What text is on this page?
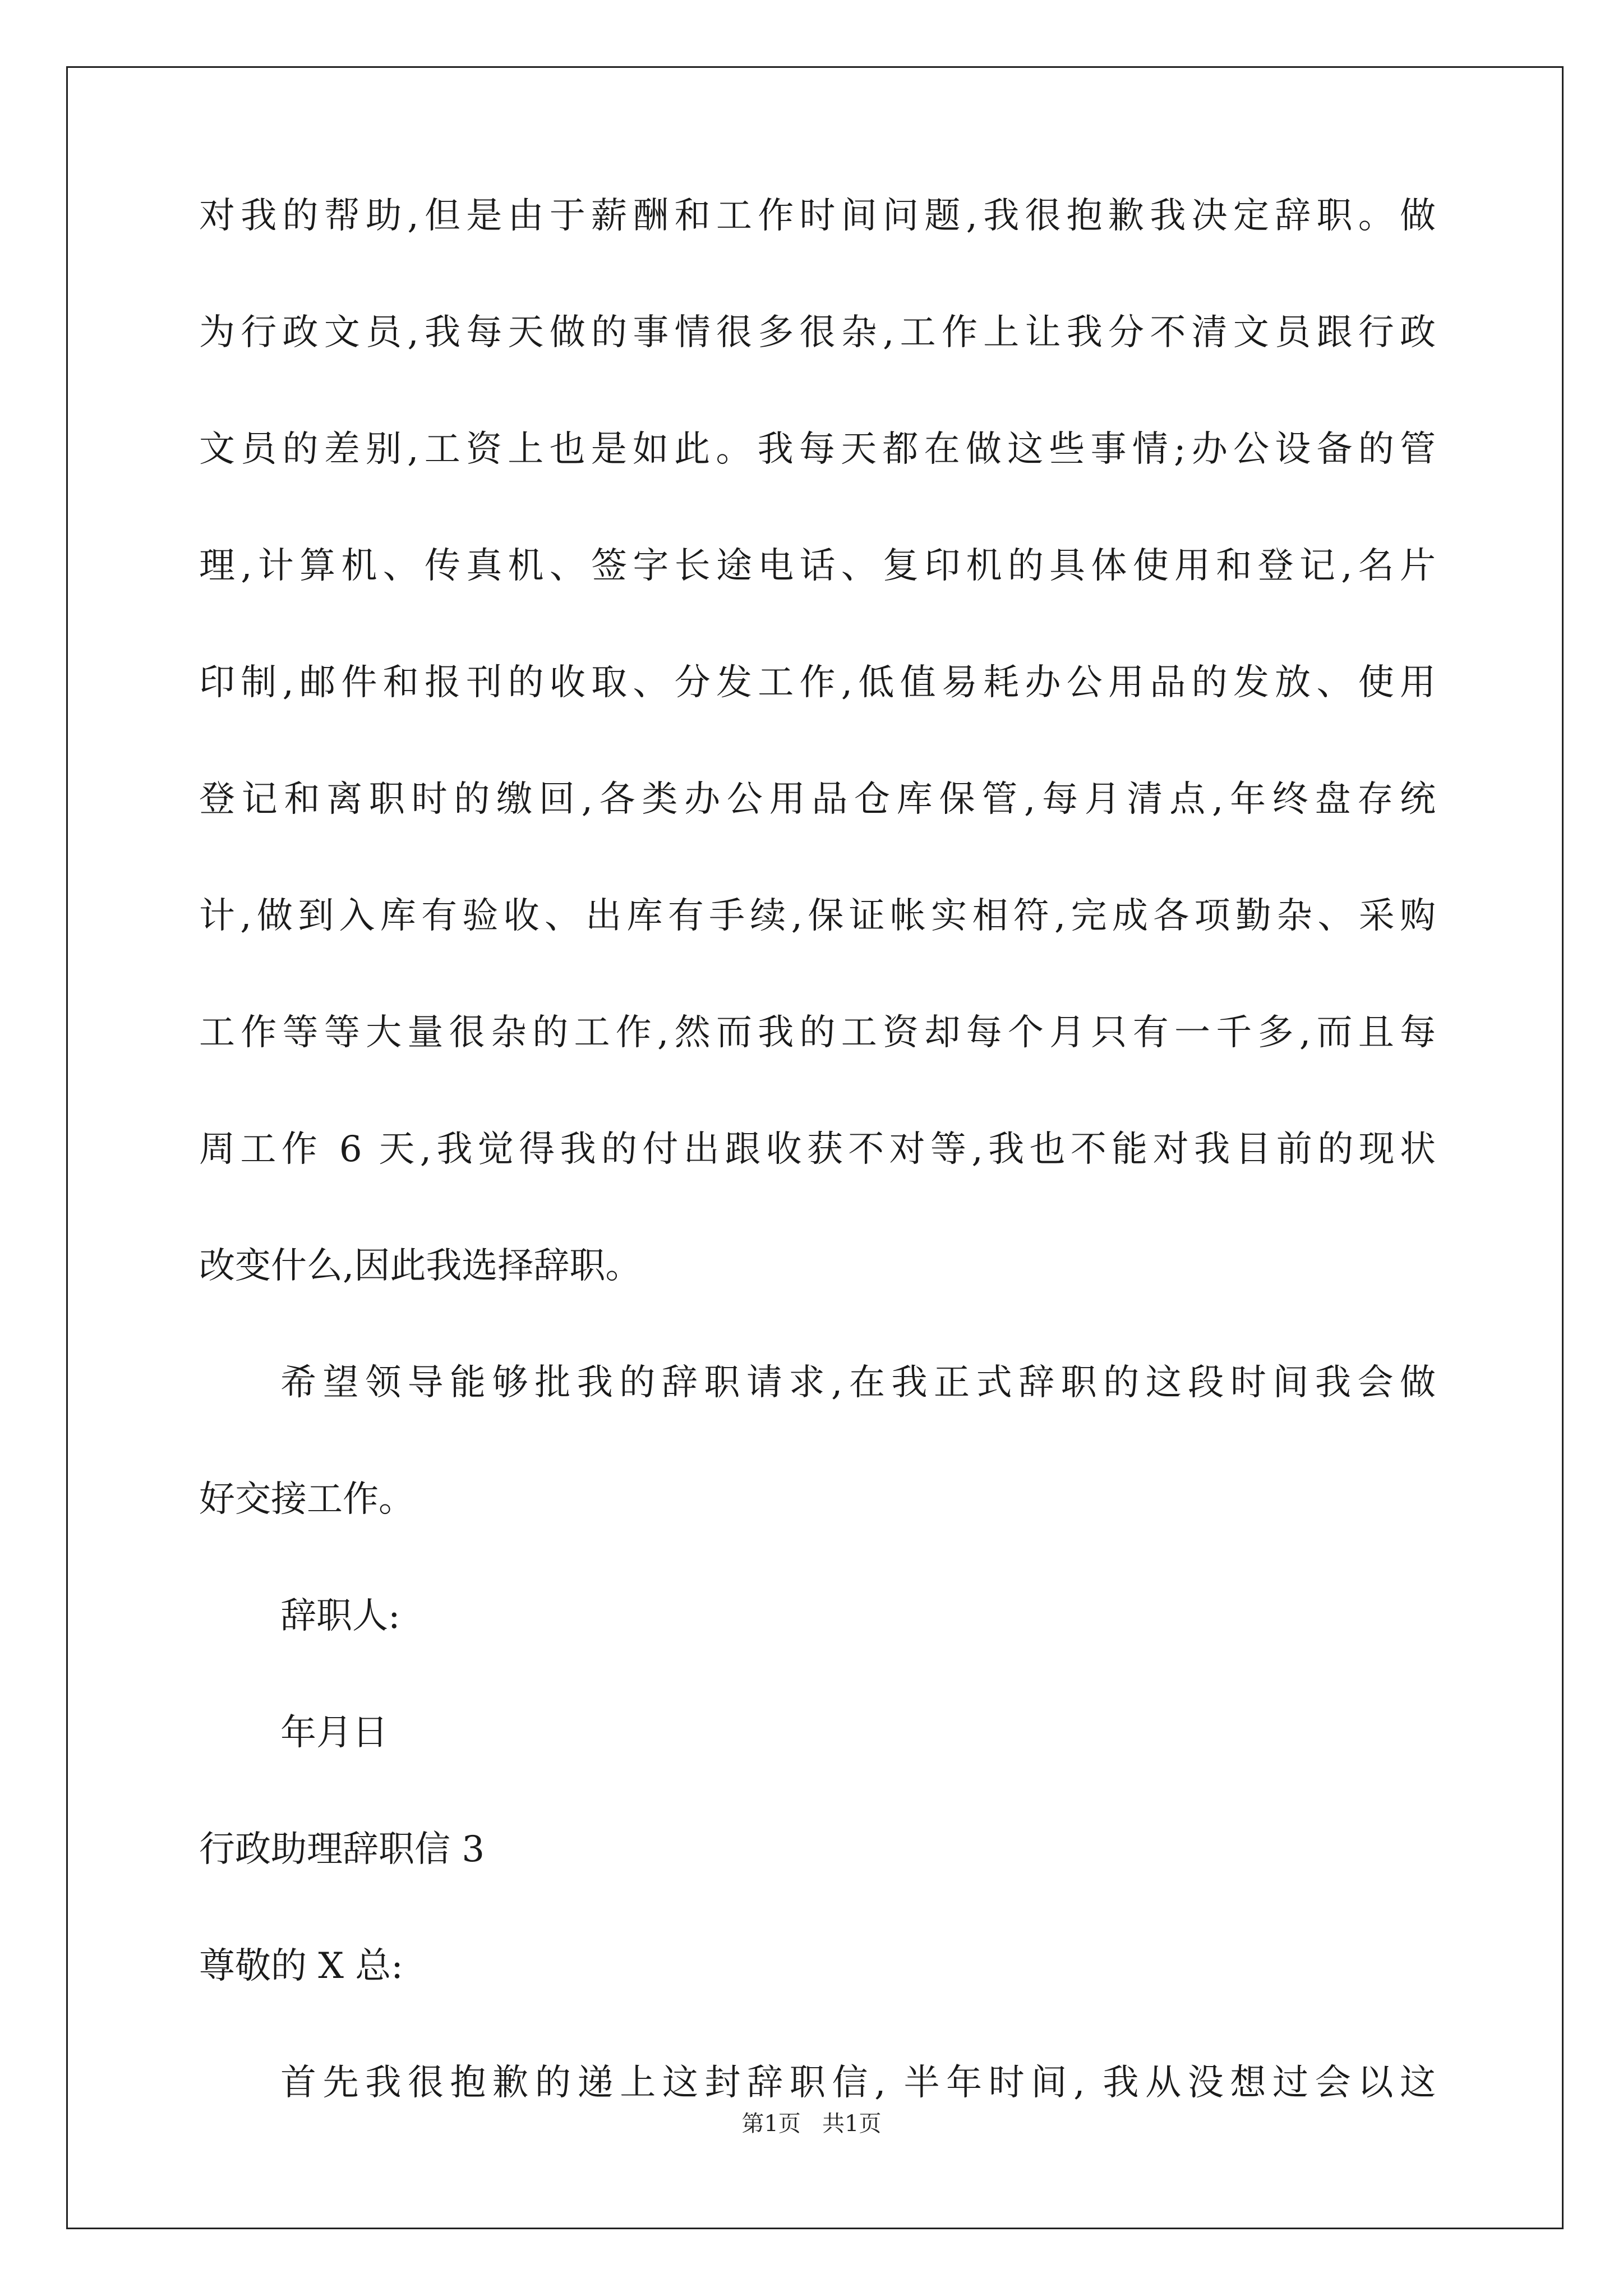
对我的帮助,但是由于薪酬和工作时间问题,我很抱歉我决定辞职。做
为行政文员,我每天做的事情很多很杂,工作上让我分不清文员跟行政
文员的差别,工资上也是如此。我每天都在做这些事情;办公设备的管
理,计算机、传真机、签字长途电话、复印机的具体使用和登记,名片
印制,邮件和报刊的收取、分发工作,低值易耗办公用品的发放、使用
登记和离职时的缴回,各类办公用品仓库保管,每月清点,年终盘存统
计,做到入库有验收、出库有手续,保证帐实相符,完成各项勤杂、采购
工作等等大量很杂的工作,然而我的工资却每个月只有一千多,而且每
周工作 6 天,我觉得我的付出跟收获不对等,我也不能对我目前的现状
改变什么,因此我选择辞职。
希望领导能够批我的辞职请求,在我正式辞职的这段时间我会做
好交接工作。
辞职人:
年月日
行政助理辞职信 3
尊敬的 X 总:
首先我很抱歉的递上这封辞职信, 半年时间, 我从没想过会以这
第1页   共1页
